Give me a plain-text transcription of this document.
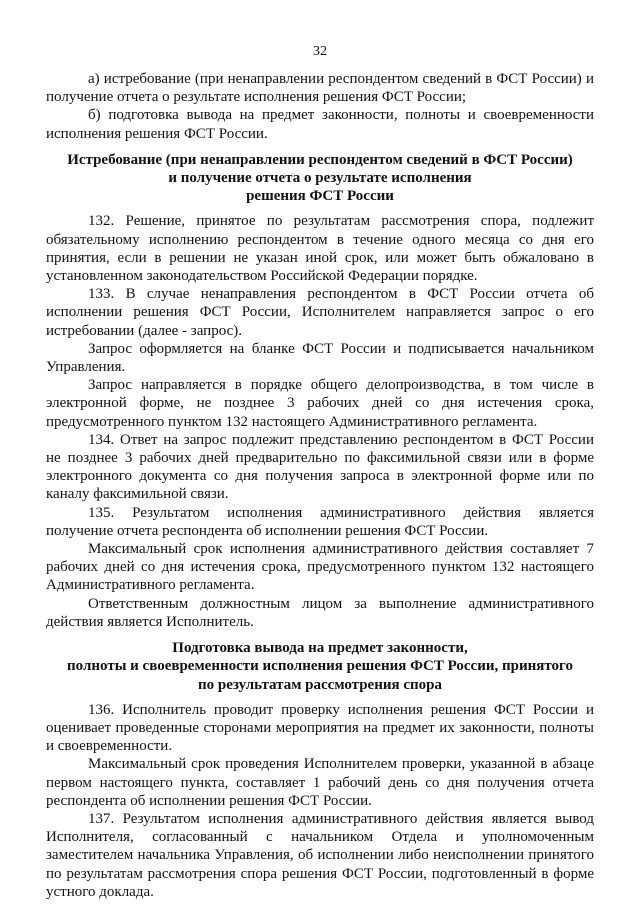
32

а) истребование (при ненаправлении респондентом сведений в ФСТ России) и получение отчета о результате исполнения решения ФСТ России;

б) подготовка вывода на предмет законности, полноты и своевременности исполнения решения ФСТ России.

Истребование (при ненаправлении респондентом сведений в ФСТ России)
и получение отчета о результате исполнения
решения ФСТ России

132. Решение, принятое по результатам рассмотрения спора, подлежит обязательному исполнению респондентом в течение одного месяца со дня его принятия, если в решении не указан иной срок, или может быть обжаловано в установленном законодательством Российской Федерации порядке.

133. В случае ненаправления респондентом в ФСТ России отчета об исполнении решения ФСТ России, Исполнителем направляется запрос о его истребовании (далее - запрос).

Запрос оформляется на бланке ФСТ России и подписывается начальником Управления.

Запрос направляется в порядке общего делопроизводства, в том числе в электронной форме, не позднее 3 рабочих дней со дня истечения срока, предусмотренного пунктом 132 настоящего Административного регламента.

134. Ответ на запрос подлежит представлению респондентом в ФСТ России не позднее 3 рабочих дней предварительно по факсимильной связи или в форме электронного документа со дня получения запроса в электронной форме или по каналу факсимильной связи.

135. Результатом исполнения административного действия является получение отчета респондента об исполнении решения ФСТ России.

Максимальный срок исполнения административного действия составляет 7 рабочих дней со дня истечения срока, предусмотренного пунктом 132 настоящего Административного регламента.

Ответственным должностным лицом за выполнение административного действия является Исполнитель.

Подготовка вывода на предмет законности,
полноты и своевременности исполнения решения ФСТ России, принятого
по результатам рассмотрения спора

136. Исполнитель проводит проверку исполнения решения ФСТ России и оценивает проведенные сторонами мероприятия на предмет их законности, полноты и своевременности.

Максимальный срок проведения Исполнителем проверки, указанной в абзаце первом настоящего пункта, составляет 1 рабочий день со дня получения отчета респондента об исполнении решения ФСТ России.

137. Результатом исполнения административного действия является вывод Исполнителя, согласованный с начальником Отдела и уполномоченным заместителем начальника Управления, об исполнении либо неисполнении принятого по результатам рассмотрения спора решения ФСТ России, подготовленный в форме устного доклада.
